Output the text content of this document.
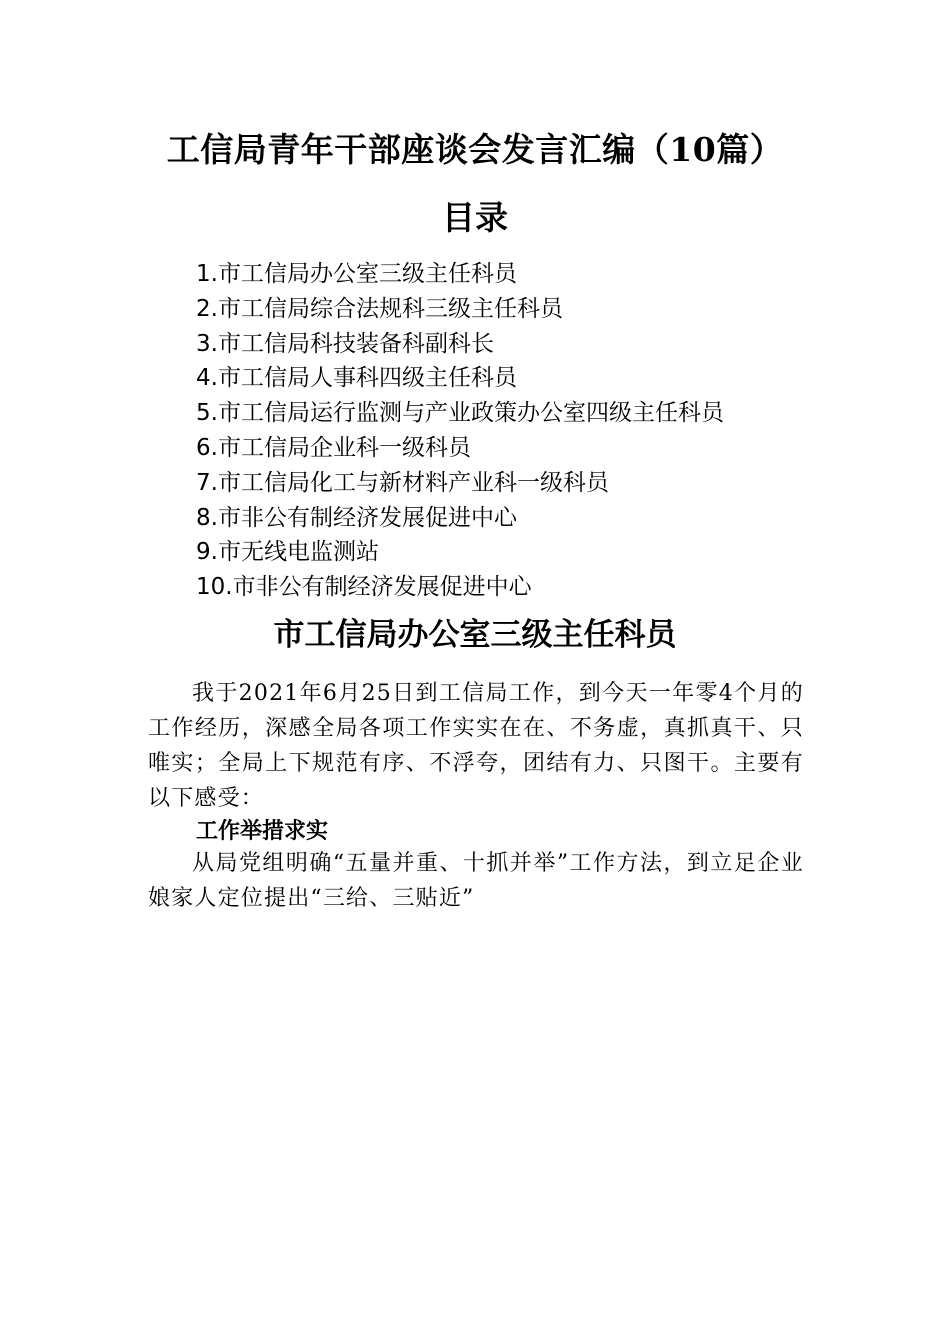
工信局青年干部座谈会发言汇编（10篇）
目录
1.市工信局办公室三级主任科员
2.市工信局综合法规科三级主任科员
3.市工信局科技装备科副科长
4.市工信局人事科四级主任科员
5.市工信局运行监测与产业政策办公室四级主任科员
6.市工信局企业科一级科员
7.市工信局化工与新材料产业科一级科员
8.市非公有制经济发展促进中心
9.市无线电监测站
10.市非公有制经济发展促进中心
市工信局办公室三级主任科员

我于2021年6月25日到工信局工作，到今天一年零4个月的工作经历，深感全局各项工作实实在在、不务虚，真抓真干、只唯实；全局上下规范有序、不浮夸，团结有力、只图干。主要有以下感受：

工作举措求实

从局党组明确“五量并重、十抓并举”工作方法，到立足企业娘家人定位提出“三给、三贴近”
